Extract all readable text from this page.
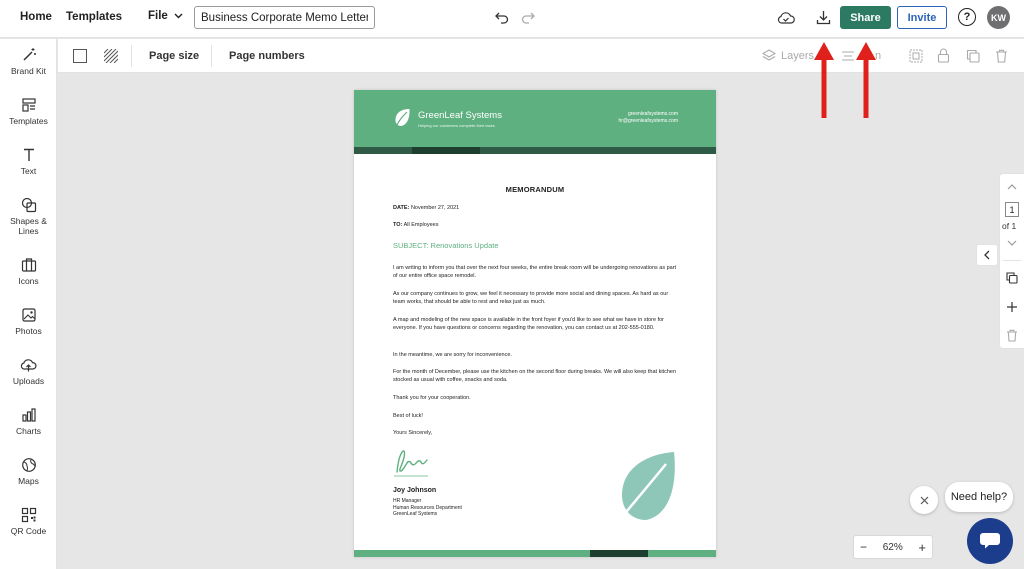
Home Templates File
Business Corporate Memo Letter	Share	Invite	?	KW
Brand Kit
Templates
Text
Shapes & Lines
Icons
Photos
Uploads
Charts
Maps
QR Code
Page size	Page numbers	Layers	n
GreenLeaf Systems
Helping our customers complete their tasks
greenleafsystems.com
hr@greenleafsystems.com
MEMORANDUM
DATE: November 27, 2021
TO: All Employees
SUBJECT: Renovations Update
I am writing to inform you that over the next four weeks, the entire break room will be undergoing renovations as part of our entire office space remodel.
As our company continues to grow, we feel it necessary to provide more social and dining spaces. As hard as our team works, that should be able to rest and relax just as much.
A map and modeling of the new space is available in the front foyer if you'd like to see what we have in store for everyone. If you have questions or concerns regarding the renovation, you can contact us at 202-555-0180.
In the meantime, we are sorry for inconvenience.
For the month of December, please use the kitchen on the second floor during breaks. We will also keep that kitchen stocked as usual with coffee, snacks and soda.
Thank you for your cooperation.
Best of luck!
Yours Sincerely,
Joy Johnson
HR Manager
Human Resources Department
GreenLeaf Systems
1
of 1
− 62% +
Need help?
